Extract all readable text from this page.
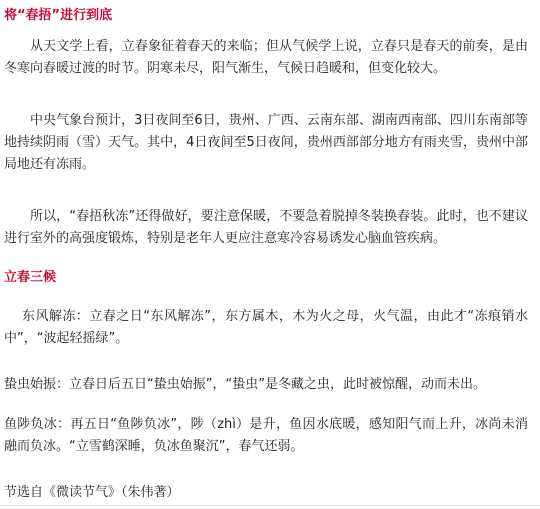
将“春捂”进行到底

从天文学上看，立春象征着春天的来临；但从气候学上说，立春只是春天的前奏，是由冬寒向春暖过渡的时节。阴寒未尽，阳气渐生，气候日趋暖和，但变化较大。

中央气象台预计，3日夜间至6日，贵州、广西、云南东部、湖南西南部、四川东南部等地持续阴雨（雪）天气。其中，4日夜间至5日夜间，贵州西部部分地方有雨夹雪，贵州中部局地还有冻雨。

所以，“春捂秋冻”还得做好，要注意保暖，不要急着脱掉冬装换春装。此时，也不建议进行室外的高强度锻炼，特别是老年人更应注意寒冷容易诱发心脑血管疾病。

立春三候

东风解冻：立春之日“东风解冻”，东方属木，木为火之母，火气温，由此才“冻痕销水中”，“波起轻摇绿”。

蛰虫始振：立春日后五日“蛰虫始振”，“蛰虫”是冬藏之虫，此时被惊醒，动而未出。

鱼陟负冰：再五日“鱼陟负冰”，陟（zhì）是升，鱼因水底暖，感知阳气而上升，冰尚未消融而负冰。“立雪鹤深睡，负冰鱼聚沉”，春气还弱。

节选自《微读节气》（朱伟著）
